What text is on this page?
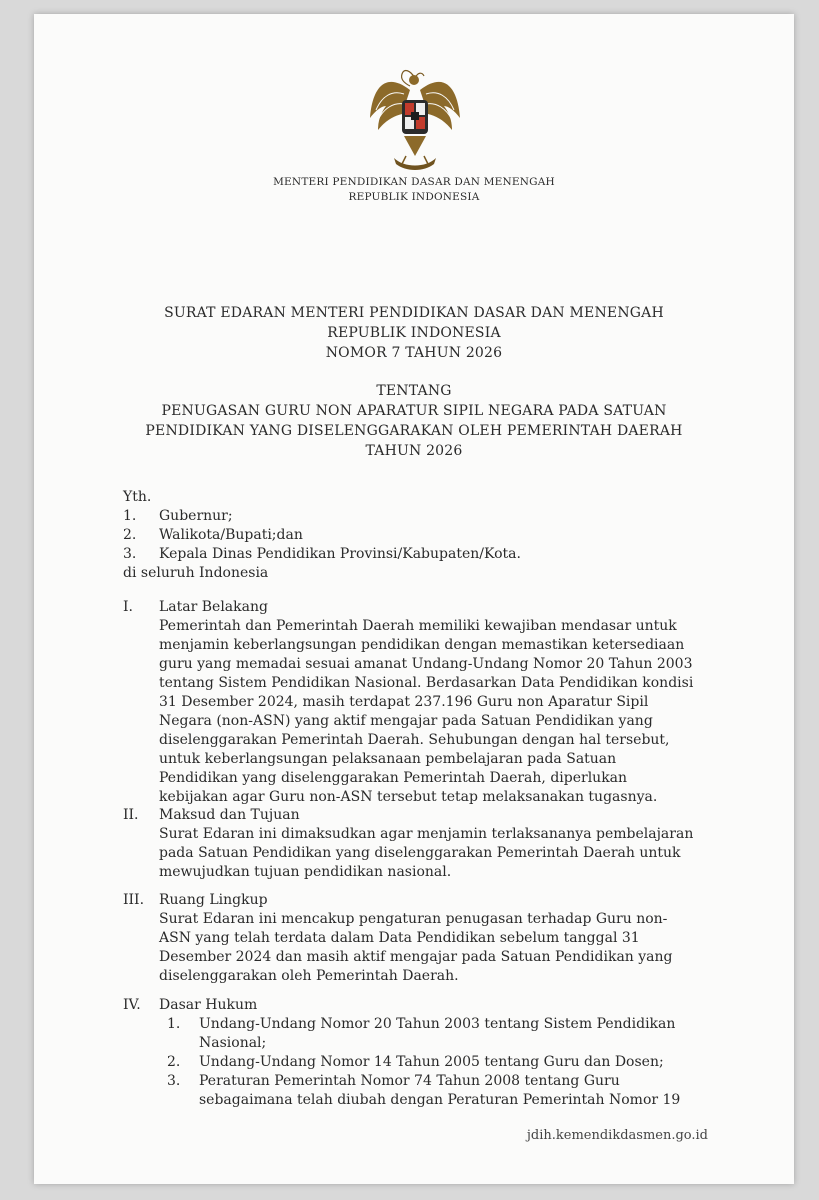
MENTERI PENDIDIKAN DASAR DAN MENENGAH
REPUBLIK INDONESIA
SURAT EDARAN MENTERI PENDIDIKAN DASAR DAN MENENGAH
REPUBLIK INDONESIA
NOMOR 7 TAHUN 2026
TENTANG
PENUGASAN GURU NON APARATUR SIPIL NEGARA PADA SATUAN
PENDIDIKAN YANG DISELENGGARAKAN OLEH PEMERINTAH DAERAH
TAHUN 2026
Yth.
1. Gubernur;
2. Walikota/Bupati;dan
3. Kepala Dinas Pendidikan Provinsi/Kabupaten/Kota.
di seluruh Indonesia
I. Latar Belakang
Pemerintah dan Pemerintah Daerah memiliki kewajiban mendasar untuk
menjamin keberlangsungan pendidikan dengan memastikan ketersediaan
guru yang memadai sesuai amanat Undang-Undang Nomor 20 Tahun 2003
tentang Sistem Pendidikan Nasional. Berdasarkan Data Pendidikan kondisi
31 Desember 2024, masih terdapat 237.196 Guru non Aparatur Sipil
Negara (non-ASN) yang aktif mengajar pada Satuan Pendidikan yang
diselenggarakan Pemerintah Daerah. Sehubungan dengan hal tersebut,
untuk keberlangsungan pelaksanaan pembelajaran pada Satuan
Pendidikan yang diselenggarakan Pemerintah Daerah, diperlukan
kebijakan agar Guru non-ASN tersebut tetap melaksanakan tugasnya.
II. Maksud dan Tujuan
Surat Edaran ini dimaksudkan agar menjamin terlaksananya pembelajaran
pada Satuan Pendidikan yang diselenggarakan Pemerintah Daerah untuk
mewujudkan tujuan pendidikan nasional.
III. Ruang Lingkup
Surat Edaran ini mencakup pengaturan penugasan terhadap Guru non-
ASN yang telah terdata dalam Data Pendidikan sebelum tanggal 31
Desember 2024 dan masih aktif mengajar pada Satuan Pendidikan yang
diselenggarakan oleh Pemerintah Daerah.
IV. Dasar Hukum
1. Undang-Undang Nomor 20 Tahun 2003 tentang Sistem Pendidikan
Nasional;
2. Undang-Undang Nomor 14 Tahun 2005 tentang Guru dan Dosen;
3. Peraturan Pemerintah Nomor 74 Tahun 2008 tentang Guru
sebagaimana telah diubah dengan Peraturan Pemerintah Nomor 19
jdih.kemendikdasmen.go.id
